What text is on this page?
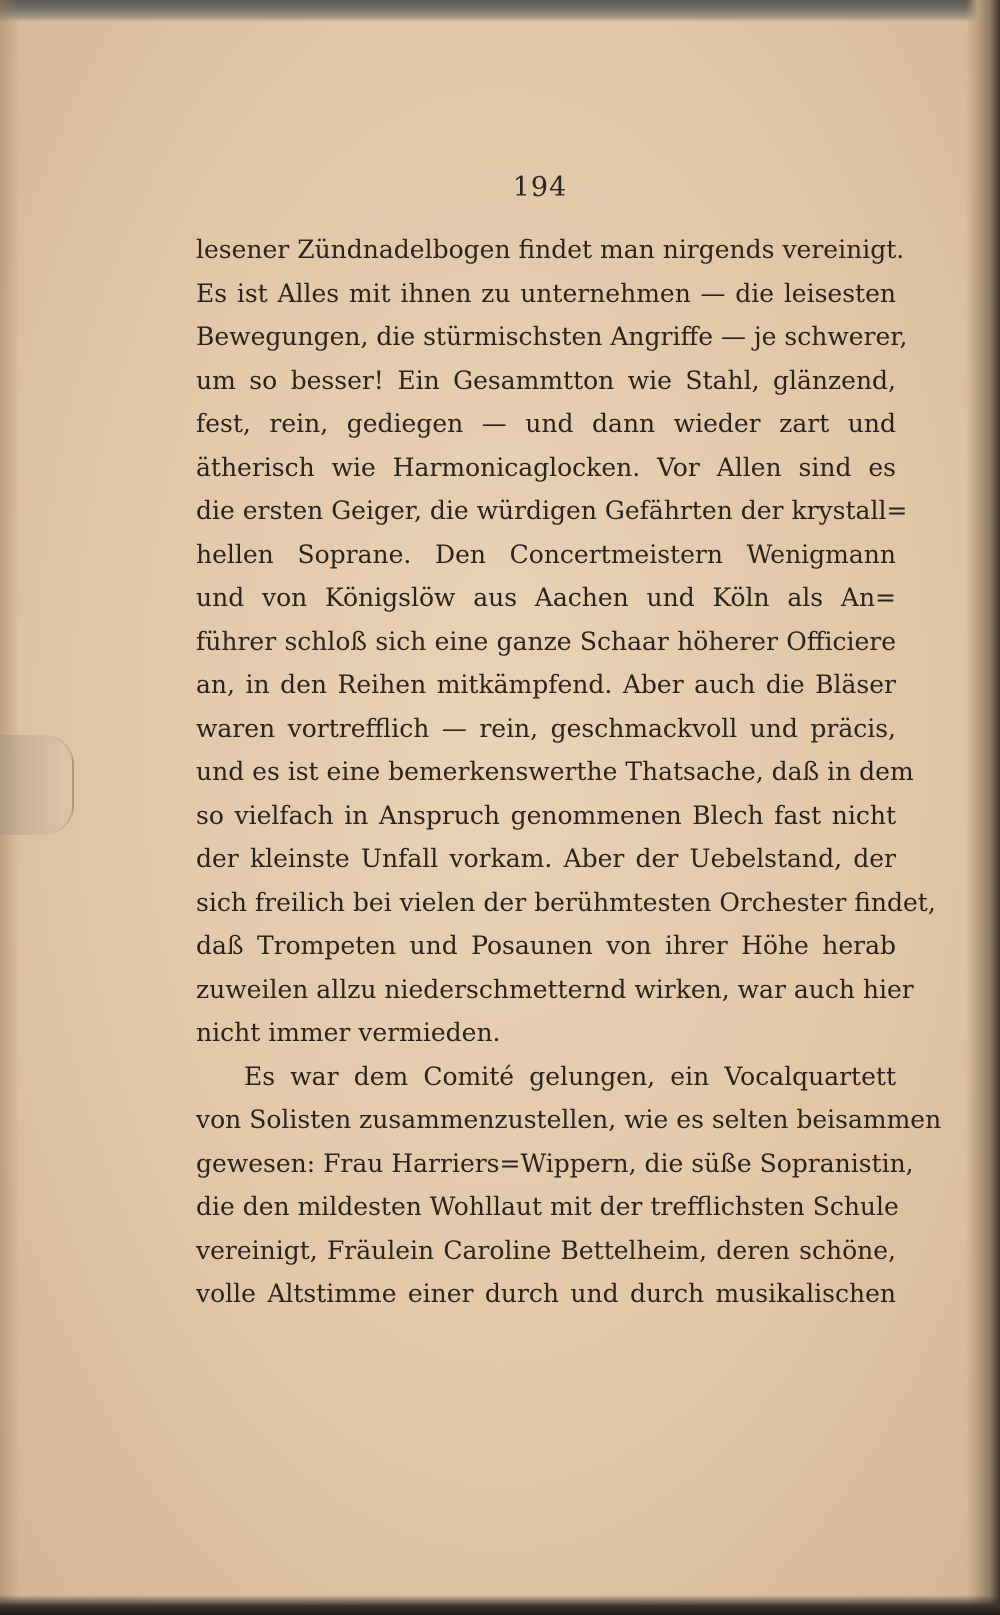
194
lesener Zündnadelbogen findet man nirgends vereinigt.
Es ist Alles mit ihnen zu unternehmen — die leisesten
Bewegungen, die stürmischsten Angriffe — je schwerer,
um so besser! Ein Gesammtton wie Stahl, glänzend,
fest, rein, gediegen — und dann wieder zart und
ätherisch wie Harmonicaglocken. Vor Allen sind es
die ersten Geiger, die würdigen Gefährten der krystall=
hellen Soprane. Den Concertmeistern Wenigmann
und von Königslöw aus Aachen und Köln als An=
führer schloß sich eine ganze Schaar höherer Officiere
an, in den Reihen mitkämpfend. Aber auch die Bläser
waren vortrefflich — rein, geschmackvoll und präcis,
und es ist eine bemerkenswerthe Thatsache, daß in dem
so vielfach in Anspruch genommenen Blech fast nicht
der kleinste Unfall vorkam. Aber der Uebelstand, der
sich freilich bei vielen der berühmtesten Orchester findet,
daß Trompeten und Posaunen von ihrer Höhe herab
zuweilen allzu niederschmetternd wirken, war auch hier
nicht immer vermieden.
Es war dem Comité gelungen, ein Vocalquartett
von Solisten zusammenzustellen, wie es selten beisammen
gewesen: Frau Harriers=Wippern, die süße Sopranistin,
die den mildesten Wohllaut mit der trefflichsten Schule
vereinigt, Fräulein Caroline Bettelheim, deren schöne,
volle Altstimme einer durch und durch musikalischen
